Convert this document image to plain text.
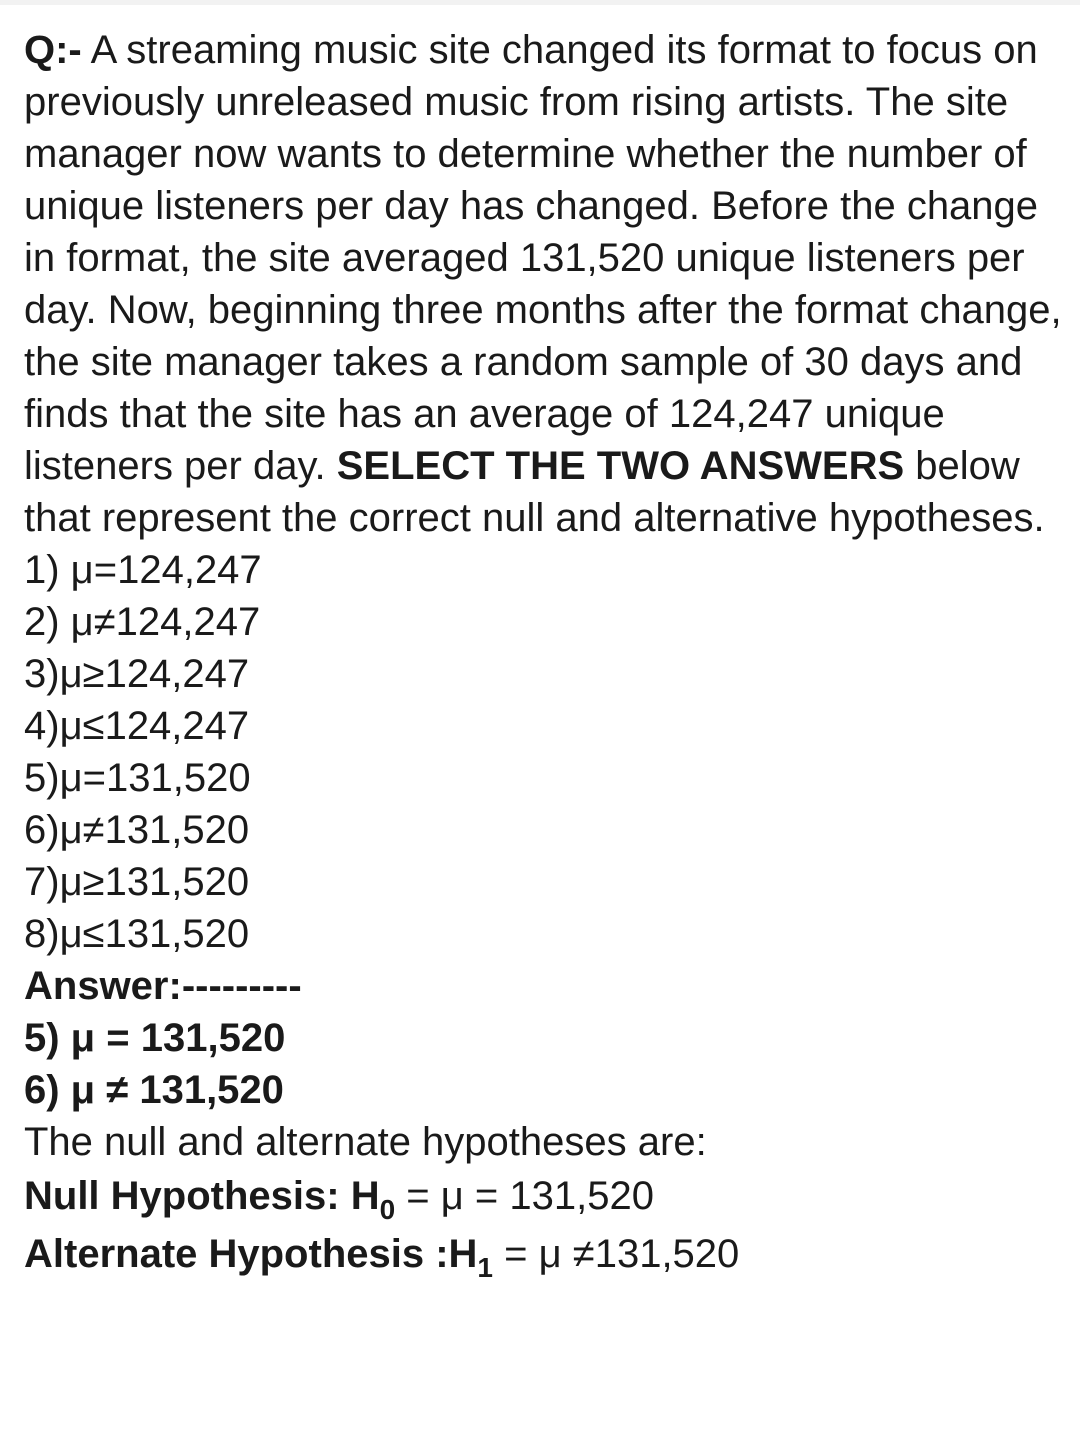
Q:- A streaming music site changed its format to focus on previously unreleased music from rising artists. The site manager now wants to determine whether the number of unique listeners per day has changed. Before the change in format, the site averaged 131,520 unique listeners per day. Now, beginning three months after the format change, the site manager takes a random sample of 30 days and finds that the site has an average of 124,247 unique listeners per day. SELECT THE TWO ANSWERS below that represent the correct null and alternative hypotheses.

1) μ=124,247

2) μ≠124,247

3)μ≥124,247

4)μ≤124,247

5)μ=131,520

6)μ≠131,520

7)μ≥131,520

8)μ≤131,520

Answer:---------

5) μ = 131,520

6) μ ≠ 131,520

The null and alternate hypotheses are:

Null Hypothesis: $H_0 = \mu = 131,520$

Alternate Hypothesis $:H_1 = \mu \ne 131,520$
